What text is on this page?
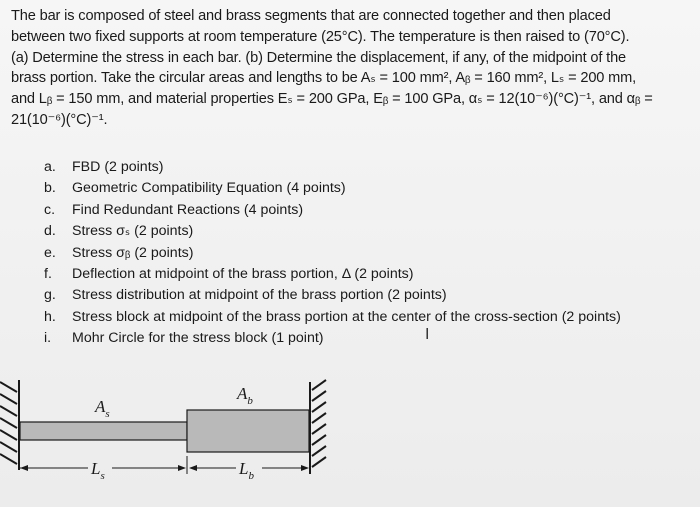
The bar is composed of steel and brass segments that are connected together and then placed

between two fixed supports at room temperature (25°C). The temperature is then raised to (70°C).

(a) Determine the stress in each bar. (b) Determine the displacement, if any, of the midpoint of the

brass portion. Take the circular areas and lengths to be Aₛ = 100 mm², Aᵦ = 160 mm², Lₛ = 200 mm,

and Lᵦ = 150 mm, and material properties Eₛ = 200 GPa, Eᵦ = 100 GPa, αₛ = 12(10⁻⁶)(°C)⁻¹, and αᵦ =

21(10⁻⁶)(°C)⁻¹.

a.	FBD (2 points)
b.	Geometric Compatibility Equation (4 points)
c.	Find Redundant Reactions (4 points)
d.	Stress σₛ (2 points)
e.	Stress σᵦ (2 points)
f.	Deflection at midpoint of the brass portion, Δ (2 points)
g.	Stress distribution at midpoint of the brass portion (2 points)
h.	Stress block at midpoint of the brass portion at the center of the cross-section (2 points)
i.	Mohr Circle for the stress block (1 point)	I
$A_s$
$A_b$
$L_s$	$L_b$
